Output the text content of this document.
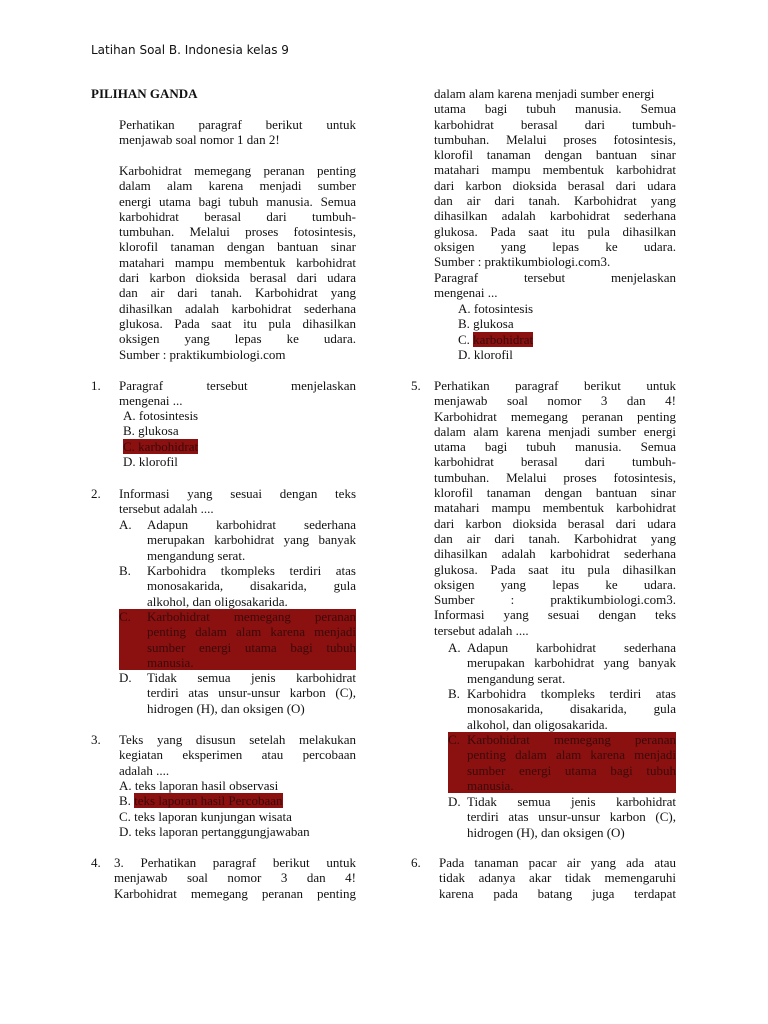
Latihan Soal B. Indonesia kelas 9
PILIHAN GANDA
Perhatikan paragraf berikut untuk
menjawab soal nomor 1 dan 2!
Karbohidrat memegang peranan penting
dalam alam karena menjadi sumber
energi utama bagi tubuh manusia. Semua
karbohidrat berasal dari tumbuh-
tumbuhan. Melalui proses fotosintesis,
klorofil tanaman dengan bantuan sinar
matahari mampu membentuk karbohidrat
dari karbon dioksida berasal dari udara
dan air dari tanah. Karbohidrat yang
dihasilkan adalah karbohidrat sederhana
glukosa. Pada saat itu pula dihasilkan
oksigen yang lepas ke udara.
Sumber : praktikumbiologi.com
1. Paragraf tersebut menjelaskan
mengenai ...
A. fotosintesis
B. glukosa
C. karbohidrat
D. klorofil
2. Informasi yang sesuai dengan teks
tersebut adalah ....
A. Adapun karbohidrat sederhana
merupakan karbohidrat yang banyak
mengandung serat.
B. Karbohidra tkompleks terdiri atas
monosakarida, disakarida, gula
alkohol, dan oligosakarida.
C. Karbohidrat memegang peranan
penting dalam alam karena menjadi
sumber energi utama bagi tubuh
manusia.
D. Tidak semua jenis karbohidrat
terdiri atas unsur-unsur karbon (C),
hidrogen (H), dan oksigen (O)
3. Teks yang disusun setelah melakukan
kegiatan eksperimen atau percobaan
adalah ....
A. teks laporan hasil observasi
B. teks laporan hasil Percobaan
C. teks laporan kunjungan wisata
D. teks laporan pertanggungjawaban
4. 3. Perhatikan paragraf berikut untuk
menjawab soal nomor 3 dan 4!
Karbohidrat memegang peranan penting
dalam alam karena menjadi sumber energi
utama bagi tubuh manusia. Semua
karbohidrat berasal dari tumbuh-
tumbuhan. Melalui proses fotosintesis,
klorofil tanaman dengan bantuan sinar
matahari mampu membentuk karbohidrat
dari karbon dioksida berasal dari udara
dan air dari tanah. Karbohidrat yang
dihasilkan adalah karbohidrat sederhana
glukosa. Pada saat itu pula dihasilkan
oksigen yang lepas ke udara.
Sumber : praktikumbiologi.com3.
Paragraf tersebut menjelaskan
mengenai ...
A. fotosintesis
B. glukosa
C. karbohidrat
D. klorofil
5. Perhatikan paragraf berikut untuk
menjawab soal nomor 3 dan 4!
Karbohidrat memegang peranan penting
dalam alam karena menjadi sumber energi
utama bagi tubuh manusia. Semua
karbohidrat berasal dari tumbuh-
tumbuhan. Melalui proses fotosintesis,
klorofil tanaman dengan bantuan sinar
matahari mampu membentuk karbohidrat
dari karbon dioksida berasal dari udara
dan air dari tanah. Karbohidrat yang
dihasilkan adalah karbohidrat sederhana
glukosa. Pada saat itu pula dihasilkan
oksigen yang lepas ke udara.
Sumber : praktikumbiologi.com3.
Informasi yang sesuai dengan teks
tersebut adalah ....
A. Adapun karbohidrat sederhana
merupakan karbohidrat yang banyak
mengandung serat.
B. Karbohidra tkompleks terdiri atas
monosakarida, disakarida, gula
alkohol, dan oligosakarida.
C. Karbohidrat memegang peranan
penting dalam alam karena menjadi
sumber energi utama bagi tubuh
manusia.
D. Tidak semua jenis karbohidrat
terdiri atas unsur-unsur karbon (C),
hidrogen (H), dan oksigen (O)
6. Pada tanaman pacar air yang ada atau
tidak adanya akar tidak memengaruhi
karena pada batang juga terdapat
